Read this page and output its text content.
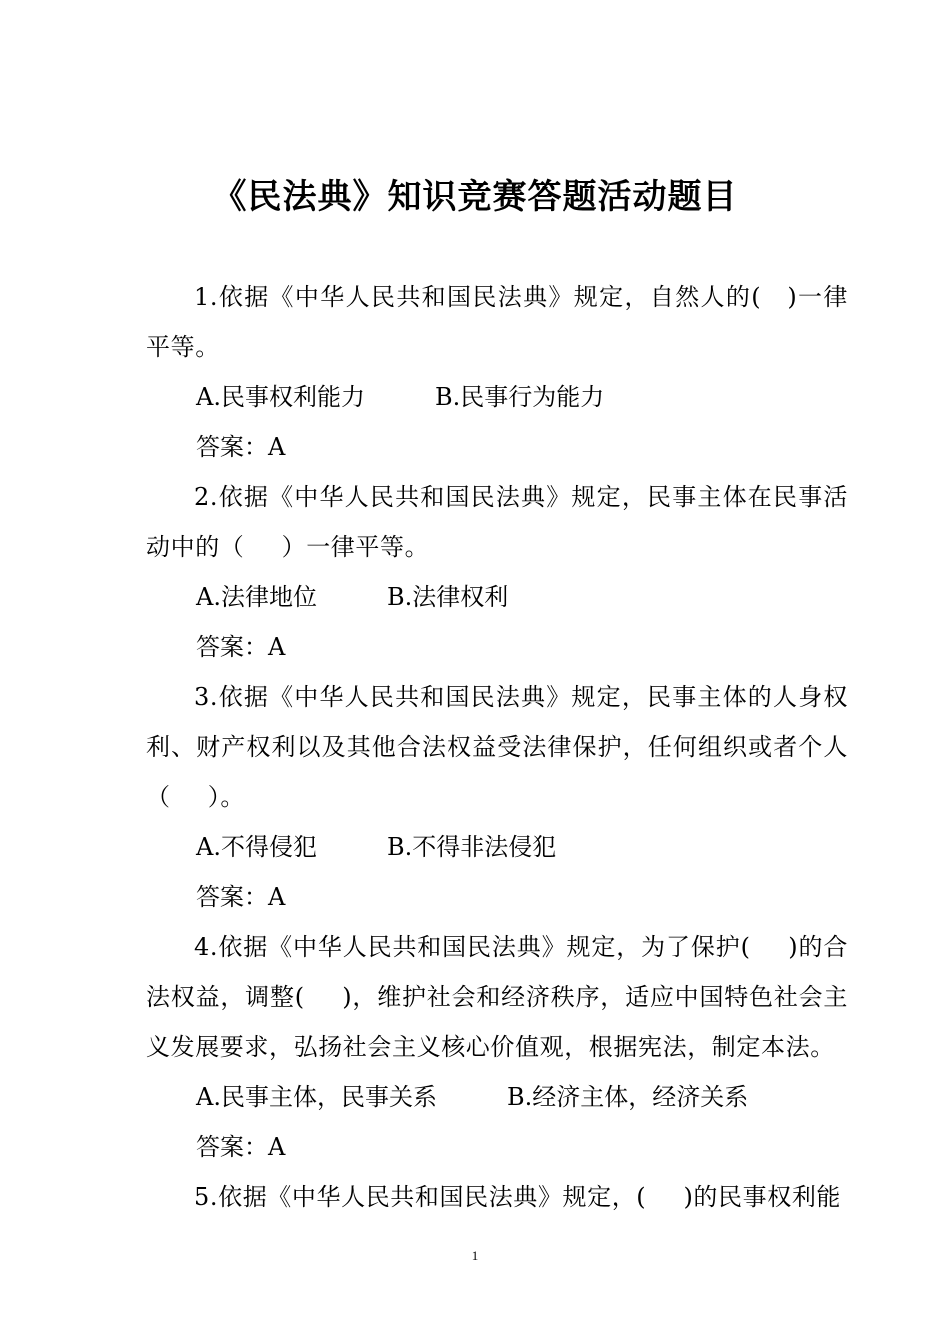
《民法典》知识竞赛答题活动题目

1.依据《中华人民共和国民法典》规定，自然人的(　)一律平等。

A.民事权利能力	B.民事行为能力

答案：A

2.依据《中华人民共和国民法典》规定，民事主体在民事活动中的（　 ）一律平等。

A.法律地位	B.法律权利

答案：A

3.依据《中华人民共和国民法典》规定，民事主体的人身权利、财产权利以及其他合法权益受法律保护，任何组织或者个人（　 ）。

A.不得侵犯	B.不得非法侵犯

答案：A

4.依据《中华人民共和国民法典》规定，为了保护(　 )的合法权益，调整(　 )，维护社会和经济秩序，适应中国特色社会主义发展要求，弘扬社会主义核心价值观，根据宪法，制定本法。

A.民事主体，民事关系	B.经济主体，经济关系

答案：A

5.依据《中华人民共和国民法典》规定，(　 )的民事权利能

1
